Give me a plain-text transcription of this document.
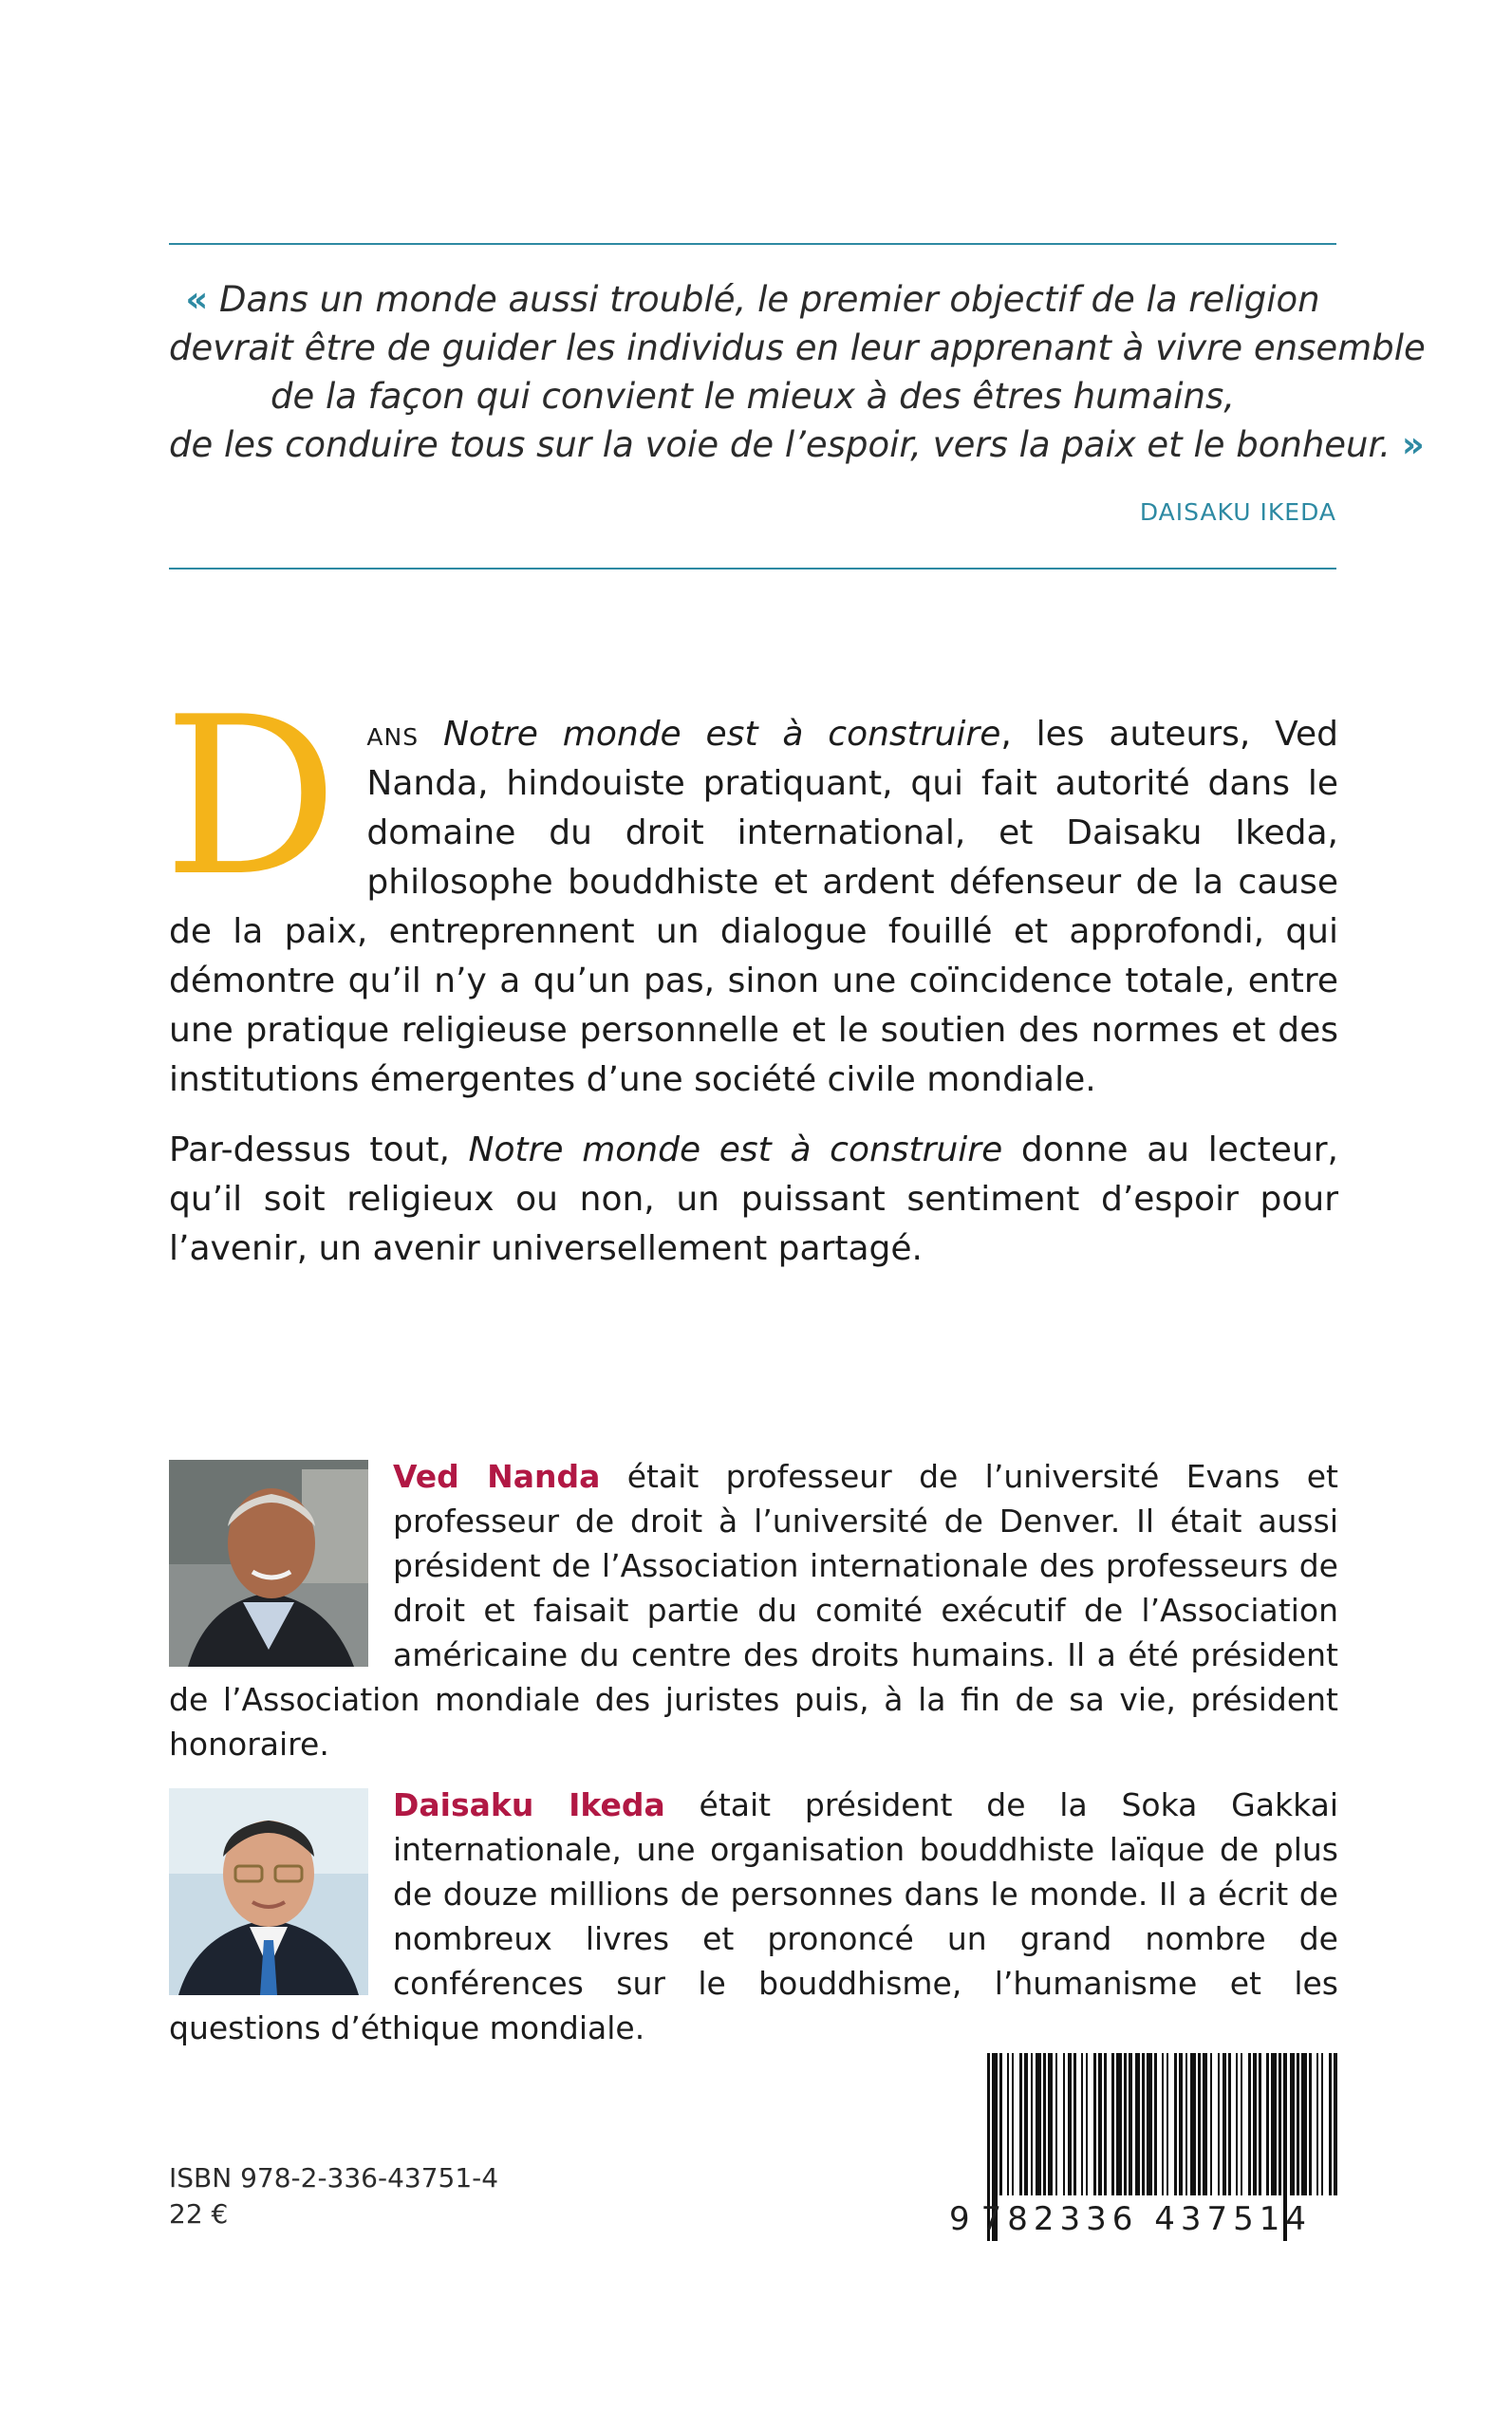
« Dans un monde aussi troublé, le premier objectif de la religion
devrait être de guider les individus en leur apprenant à vivre ensemble
de la façon qui convient le mieux à des êtres humains,
de les conduire tous sur la voie de l’espoir, vers la paix et le bonheur. »
DAISAKU IKEDA
D ans Notre monde est à construire, les auteurs, Ved Nanda, hindouiste pratiquant, qui fait autorité dans le domaine du droit international, et Daisaku Ikeda, philosophe bouddhiste et ardent défenseur de la cause de la paix, entreprennent un dialogue fouillé et approfondi, qui démontre qu’il n’y a qu’un pas, sinon une coïncidence totale, entre une pratique religieuse personnelle et le soutien des normes et des institutions émergentes d’une société civile mondiale.

Par-dessus tout, Notre monde est à construire donne au lecteur, qu’il soit religieux ou non, un puissant sentiment d’espoir pour l’avenir, un avenir universellement partagé.

Ved Nanda était professeur de l’université Evans et professeur de droit à l’université de Denver. Il était aussi président de l’Association internationale des professeurs de droit et faisait partie du comité exécutif de l’Association américaine du centre des droits humains. Il a été président de l’Association mondiale des juristes puis, à la fin de sa vie, président honoraire.

Daisaku Ikeda était président de la Soka Gakkai internationale, une organisation bouddhiste laïque de plus de douze millions de personnes dans le monde. Il a écrit de nombreux livres et prononcé un grand nombre de conférences sur le bouddhisme, l’humanisme et les questions d’éthique mondiale.

ISBN 978-2-336-43751-4
22 €	9 782336 437514
